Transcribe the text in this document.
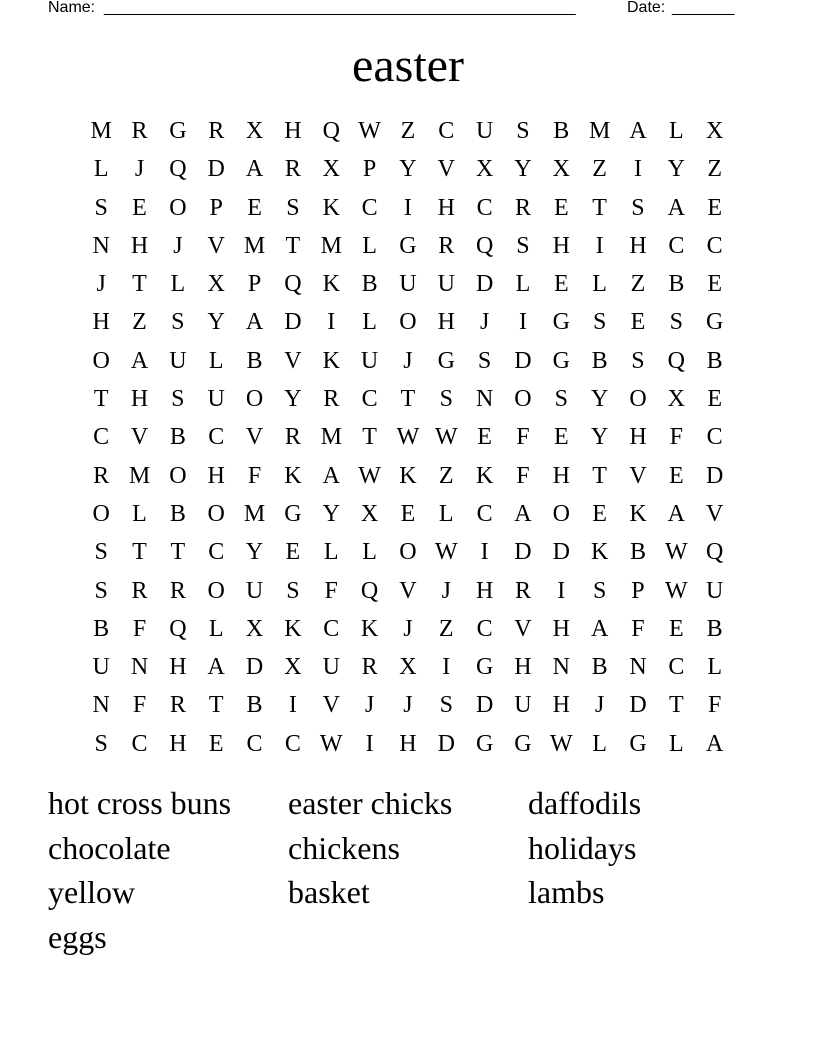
Name: _____________________________________________________	Date: _______
easter
M R G R X H Q W Z C U S B M A L X
L	J	Q D A R X P Y V X Y X Z	I	Y Z
S	E O P	E	S K C	I	H C R E T	S A E
N H	J	V M T M L G R Q S H	I	H C C
J	T L X P Q K B U U D L E L Z B E
H Z	S Y A D	I	L O H	J	I	G S	E	S G
O A U L B V K U	J	G S D G B S Q B
T H S U O Y R C T	S N O S Y O X E
C V B C V R M T W W E	F	E Y H F C
R M O H F K A W K Z K F H T V E D
O L B O M G Y X E L C A O E K A V
S	T T C Y E L L O W I	D D K B W Q
S R R O U S	F Q V	J	H R	I	S	P W U
B F Q L X K C K	J	Z C V H A F	E B
U N H A D X U R X	I	G H N B N C L
N F R T B	I	V	J	J	S D U H	J	D T	F
S C H E C C W I	H D G G W L G L A
hot cross buns	easter chicks	daffodils
chocolate	chickens	holidays
yellow	basket	lambs
eggs
